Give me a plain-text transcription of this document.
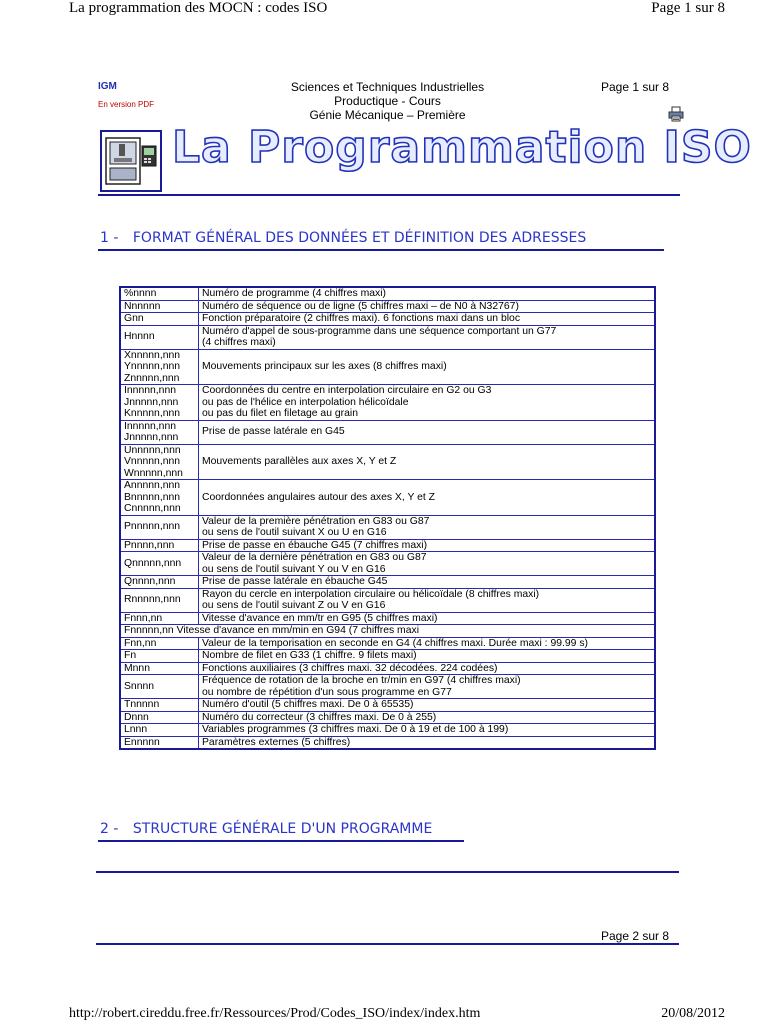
La programmation des MOCN : codes ISO	Page 1 sur 8
IGM
En version PDF
Sciences et Techniques Industrielles
Productique - Cours
Génie Mécanique – Première
Page 1 sur 8
La Programmation ISO
1 - FORMAT GÉNÉRAL DES DONNÉES ET DÉFINITION DES ADRESSES
%nnnn	Numéro de programme (4 chiffres maxi)
Nnnnnn	Numéro de séquence ou de ligne (5 chiffres maxi – de N0 à N32767)
Gnn	Fonction préparatoire (2 chiffres maxi). 6 fonctions maxi dans un bloc
Hnnnn	Numéro d'appel de sous-programme dans une séquence comportant un G77
(4 chiffres maxi)
Xnnnnn,nnn
Ynnnnn,nnn
Znnnnn,nnn	Mouvements principaux sur les axes (8 chiffres maxi)
Innnnn,nnn
Jnnnnn,nnn
Knnnnn,nnn	Coordonnées du centre en interpolation circulaire en G2 ou G3
ou pas de l'hélice en interpolation hélicoïdale
ou pas du filet en filetage au grain
Innnnn,nnn
Jnnnnn,nnn	Prise de passe latérale en G45
Unnnnn,nnn
Vnnnnn,nnn
Wnnnnn,nnn	Mouvements parallèles aux axes X, Y et Z
Annnnn,nnn
Bnnnnn,nnn
Cnnnnn,nnn	Coordonnées angulaires autour des axes X, Y et Z
Pnnnnn,nnn	Valeur de la première pénétration en G83 ou G87
ou sens de l'outil suivant X ou U en G16
Pnnnn,nnn	Prise de passe en ébauche G45 (7 chiffres maxi)
Qnnnnn,nnn	Valeur de la dernière pénétration en G83 ou G87
ou sens de l'outil suivant Y ou V en G16
Qnnnn,nnn	Prise de passe latérale en ébauche G45
Rnnnnn,nnn	Rayon du cercle en interpolation circulaire ou hélicoïdale (8 chiffres maxi)
ou sens de l'outil suivant Z ou V en G16
Fnnn,nn	Vitesse d'avance en mm/tr en G95 (5 chiffres maxi)
Fnnnnn,nn Vitesse d'avance en mm/min en G94 (7 chiffres maxi	
Fnn,nn	Valeur de la temporisation en seconde en G4 (4 chiffres maxi. Durée maxi : 99.99 s)
Fn	Nombre de filet en G33 (1 chiffre. 9 filets maxi)
Mnnn	Fonctions auxiliaires (3 chiffres maxi. 32 décodées. 224 codées)
Snnnn	Fréquence de rotation de la broche en tr/min en G97 (4 chiffres maxi)
ou nombre de répétition d'un sous programme en G77
Tnnnnn	Numéro d'outil (5 chiffres maxi. De 0 à 65535)
Dnnn	Numéro du correcteur (3 chiffres maxi. De 0 à 255)
Lnnn	Variables programmes (3 chiffres maxi. De 0 à 19 et de 100 à 199)
Ennnnn	Paramètres externes (5 chiffres)
2 - STRUCTURE GÉNÉRALE D'UN PROGRAMME
Page 2 sur 8
http://robert.cireddu.free.fr/Ressources/Prod/Codes_ISO/index/index.htm	20/08/2012
